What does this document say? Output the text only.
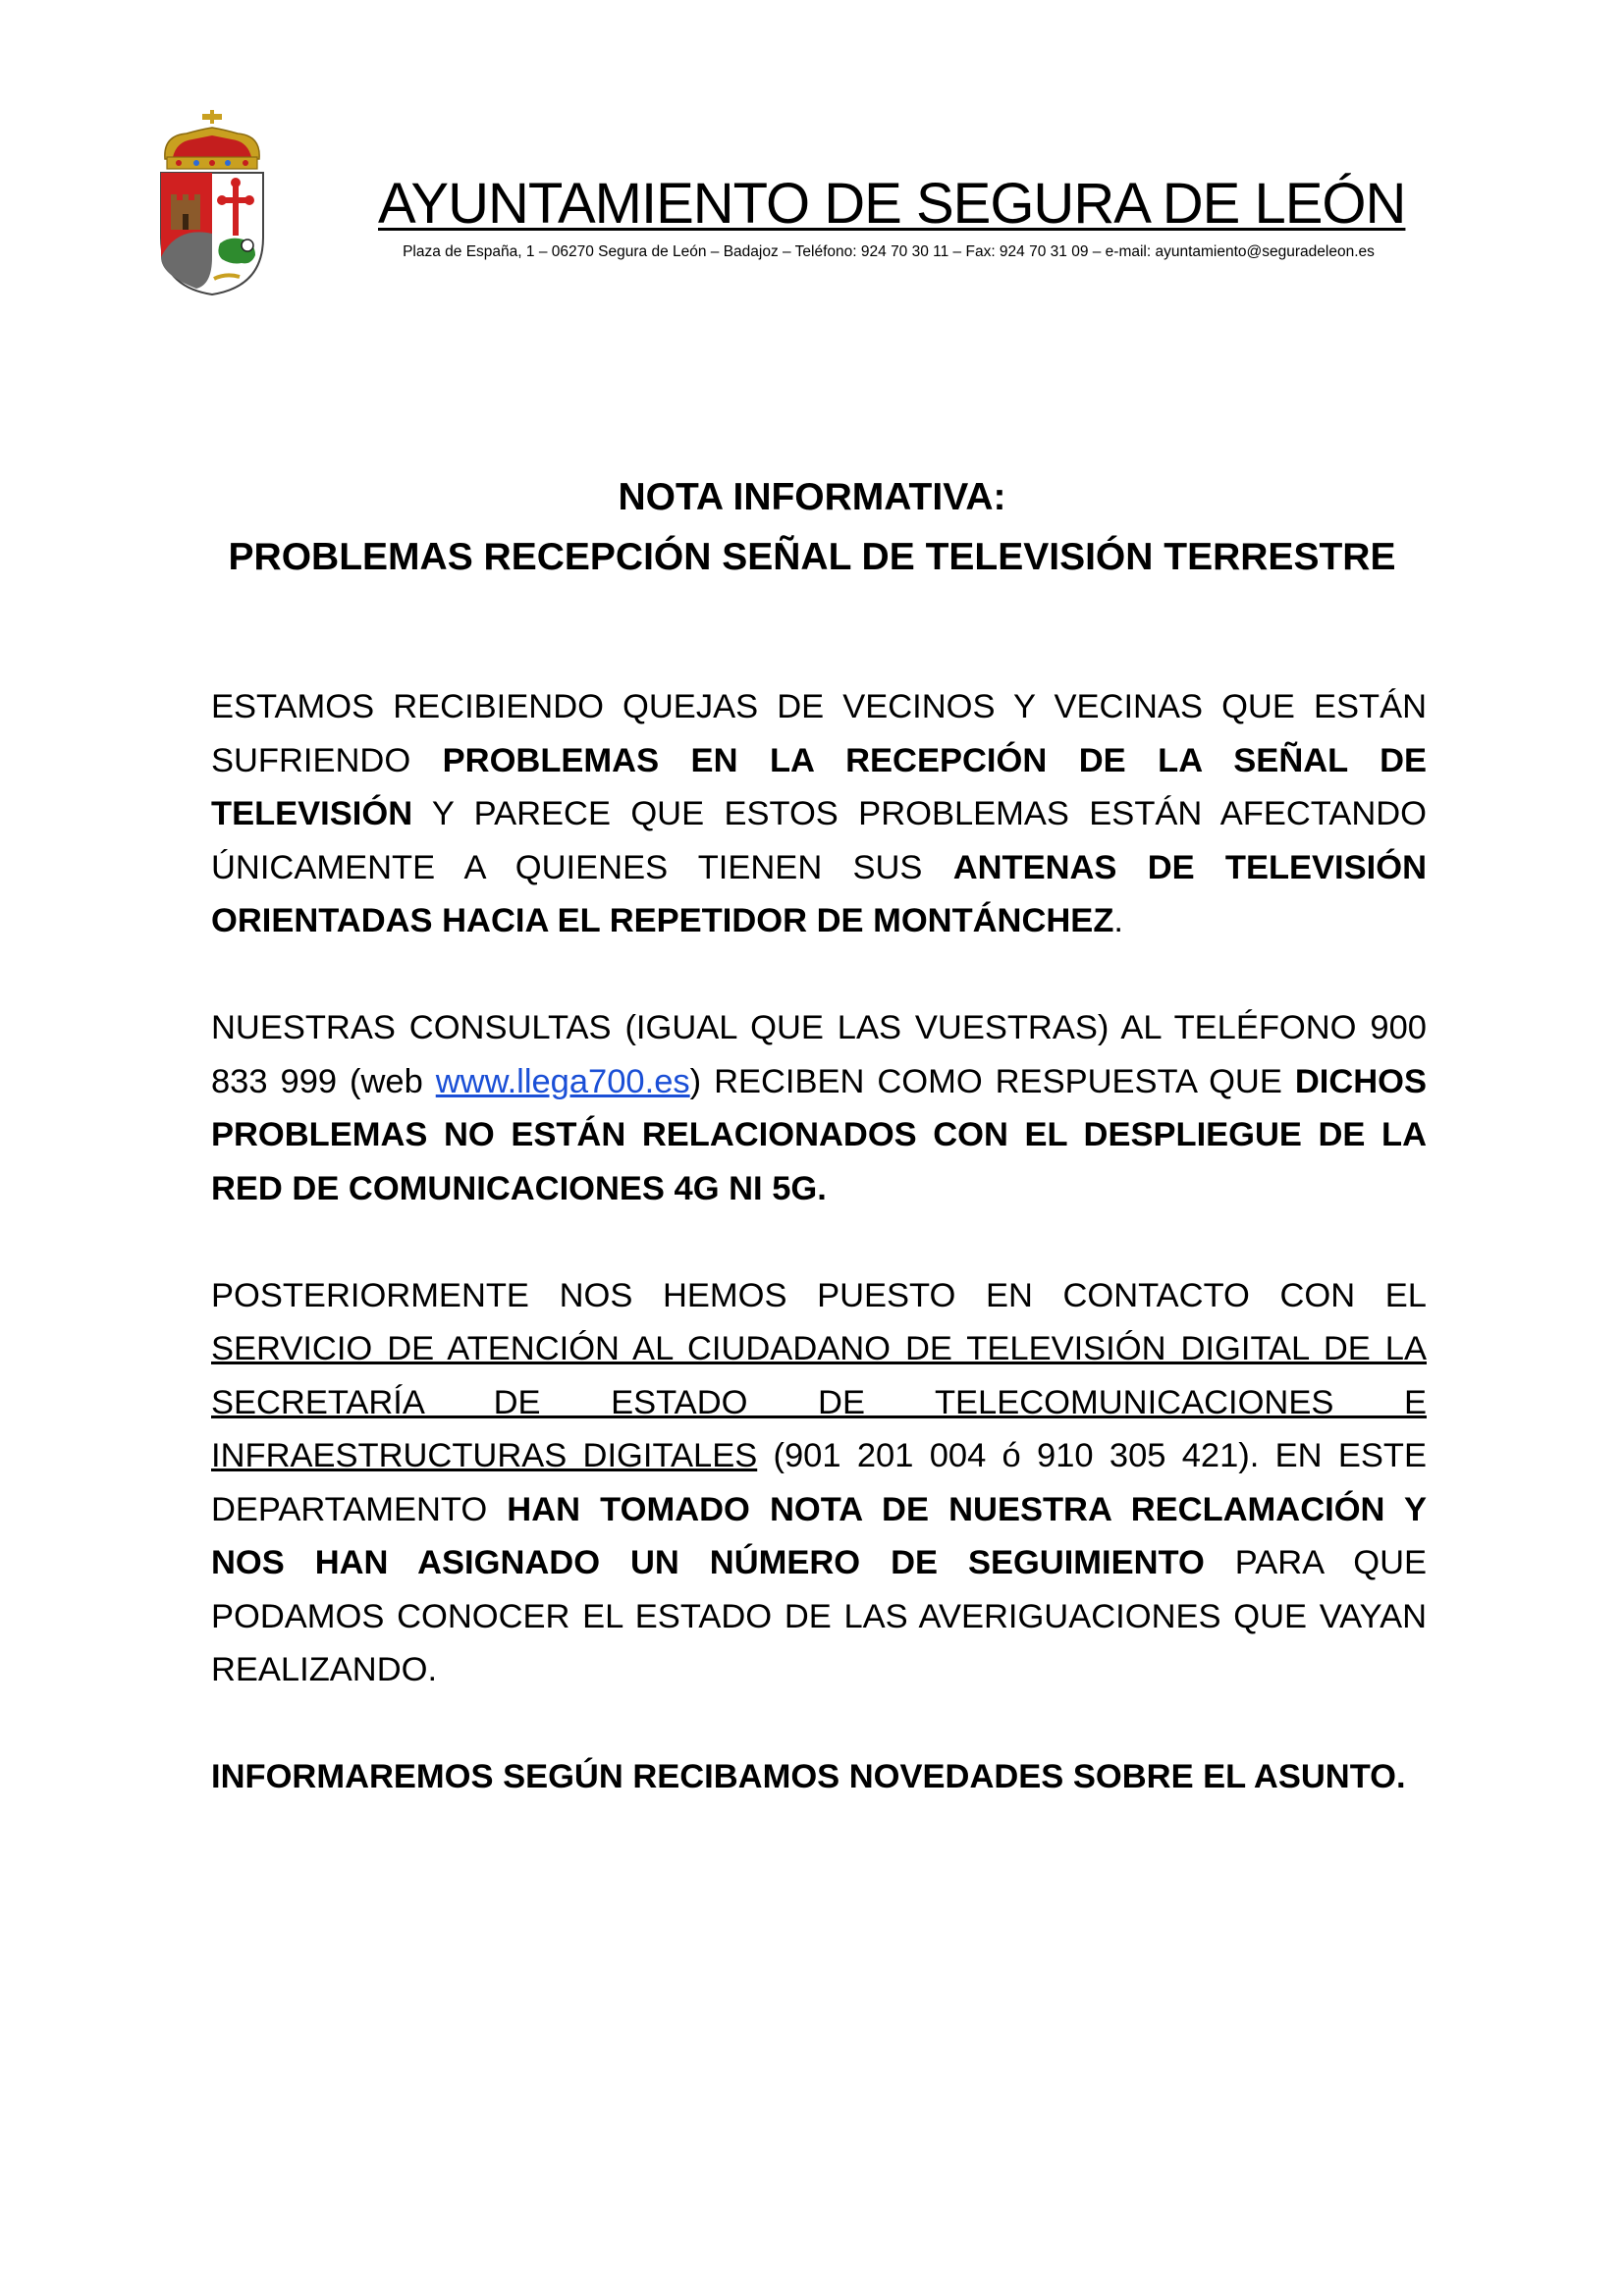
AYUNTAMIENTO DE SEGURA DE LEÓN
Plaza de España, 1 – 06270 Segura de León – Badajoz – Teléfono: 924 70 30 11 – Fax: 924 70 31 09 – e-mail: ayuntamiento@seguradeleon.es
NOTA INFORMATIVA:
PROBLEMAS RECEPCIÓN SEÑAL DE TELEVISIÓN TERRESTRE

ESTAMOS RECIBIENDO QUEJAS DE VECINOS Y VECINAS QUE ESTÁN SUFRIENDO PROBLEMAS EN LA RECEPCIÓN DE LA SEÑAL DE TELEVISIÓN Y PARECE QUE ESTOS PROBLEMAS ESTÁN AFECTANDO ÚNICAMENTE A QUIENES TIENEN SUS ANTENAS DE TELEVISIÓN ORIENTADAS HACIA EL REPETIDOR DE MONTÁNCHEZ.

NUESTRAS CONSULTAS (IGUAL QUE LAS VUESTRAS) AL TELÉFONO 900 833 999 (web www.llega700.es) RECIBEN COMO RESPUESTA QUE DICHOS PROBLEMAS NO ESTÁN RELACIONADOS CON EL DESPLIEGUE DE LA RED DE COMUNICACIONES 4G NI 5G.

POSTERIORMENTE NOS HEMOS PUESTO EN CONTACTO CON EL SERVICIO DE ATENCIÓN AL CIUDADANO DE TELEVISIÓN DIGITAL DE LA SECRETARÍA DE ESTADO DE TELECOMUNICACIONES E INFRAESTRUCTURAS DIGITALES (901 201 004 ó 910 305 421). EN ESTE DEPARTAMENTO HAN TOMADO NOTA DE NUESTRA RECLAMACIÓN Y NOS HAN ASIGNADO UN NÚMERO DE SEGUIMIENTO PARA QUE PODAMOS CONOCER EL ESTADO DE LAS AVERIGUACIONES QUE VAYAN REALIZANDO.

INFORMAREMOS SEGÚN RECIBAMOS NOVEDADES SOBRE EL ASUNTO.
